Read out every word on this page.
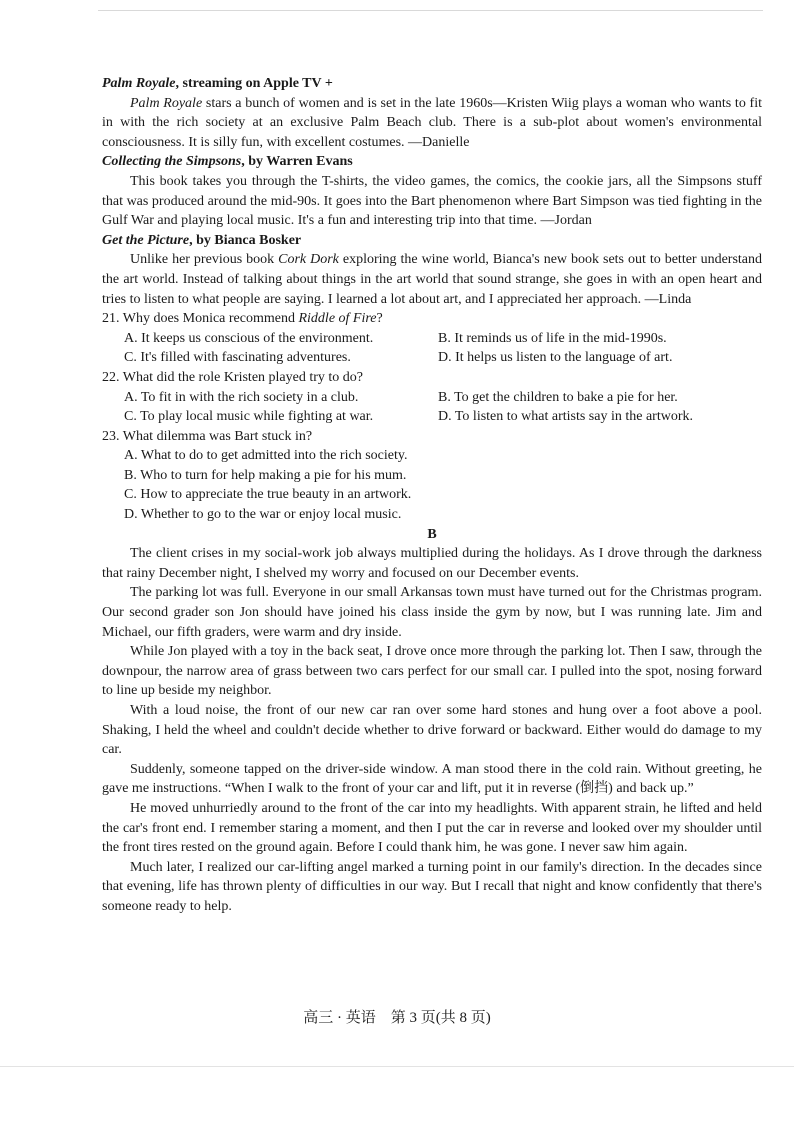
Palm Royale, streaming on Apple TV +

Palm Royale stars a bunch of women and is set in the late 1960s—Kristen Wiig plays a woman who wants to fit in with the rich society at an exclusive Palm Beach club. There is a sub-plot about women's environmental consciousness. It is silly fun, with excellent costumes. —Danielle

Collecting the Simpsons, by Warren Evans

This book takes you through the T-shirts, the video games, the comics, the cookie jars, all the Simpsons stuff that was produced around the mid-90s. It goes into the Bart phenomenon where Bart Simpson was tied fighting in the Gulf War and playing local music. It's a fun and interesting trip into that time. —Jordan

Get the Picture, by Bianca Bosker

Unlike her previous book Cork Dork exploring the wine world, Bianca's new book sets out to better understand the art world. Instead of talking about things in the art world that sound strange, she goes in with an open heart and tries to listen to what people are saying. I learned a lot about art, and I appreciated her approach. —Linda

21. Why does Monica recommend Riddle of Fire?
A. It keeps us conscious of the environment.	B. It reminds us of life in the mid-1990s.
C. It's filled with fascinating adventures.	D. It helps us listen to the language of art.
22. What did the role Kristen played try to do?
A. To fit in with the rich society in a club.	B. To get the children to bake a pie for her.
C. To play local music while fighting at war.	D. To listen to what artists say in the artwork.
23. What dilemma was Bart stuck in?
A. What to do to get admitted into the rich society.
B. Who to turn for help making a pie for his mum.
C. How to appreciate the true beauty in an artwork.
D. Whether to go to the war or enjoy local music.
B

The client crises in my social-work job always multiplied during the holidays. As I drove through the darkness that rainy December night, I shelved my worry and focused on our December events.

The parking lot was full. Everyone in our small Arkansas town must have turned out for the Christmas program. Our second grader son Jon should have joined his class inside the gym by now, but I was running late. Jim and Michael, our fifth graders, were warm and dry inside.

While Jon played with a toy in the back seat, I drove once more through the parking lot. Then I saw, through the downpour, the narrow area of grass between two cars perfect for our small car. I pulled into the spot, nosing forward to line up beside my neighbor.

With a loud noise, the front of our new car ran over some hard stones and hung over a foot above a pool. Shaking, I held the wheel and couldn't decide whether to drive forward or backward. Either would do damage to my car.

Suddenly, someone tapped on the driver-side window. A man stood there in the cold rain. Without greeting, he gave me instructions. “When I walk to the front of your car and lift, put it in reverse (倒挡) and back up.”

He moved unhurriedly around to the front of the car into my headlights. With apparent strain, he lifted and held the car's front end. I remember staring a moment, and then I put the car in reverse and looked over my shoulder until the front tires rested on the ground again. Before I could thank him, he was gone. I never saw him again.

Much later, I realized our car-lifting angel marked a turning point in our family's direction. In the decades since that evening, life has thrown plenty of difficulties in our way. But I recall that night and know confidently that there's someone ready to help.

高三 · 英语　第 3 页(共 8 页)
